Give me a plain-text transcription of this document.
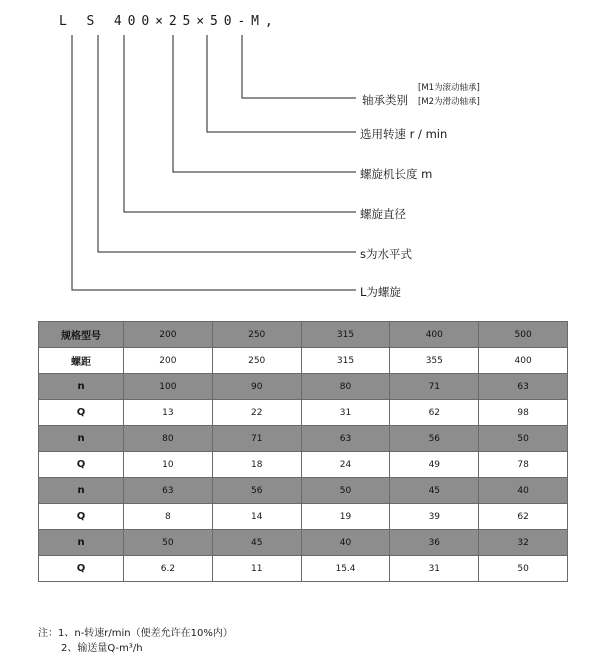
L S 400×25×50-M,
轴承类别
[M1为滚动轴承]
[M2为滑动轴承]
选用转速 r / min
螺旋机长度 m
螺旋直径
s为水平式
L为螺旋
规格型号	200	250	315	400	500
螺距	200	250	315	355	400
n	100	90	80	71	63
Q	13	22	31	62	98
n	80	71	63	56	50
Q	10	18	24	49	78
n	63	56	50	45	40
Q	8	14	19	39	62
n	50	45	40	36	32
Q	6.2	11	15.4	31	50
注：1、n-转速r/min（便差允许在10%内）
2、输送量Q-m³/h
